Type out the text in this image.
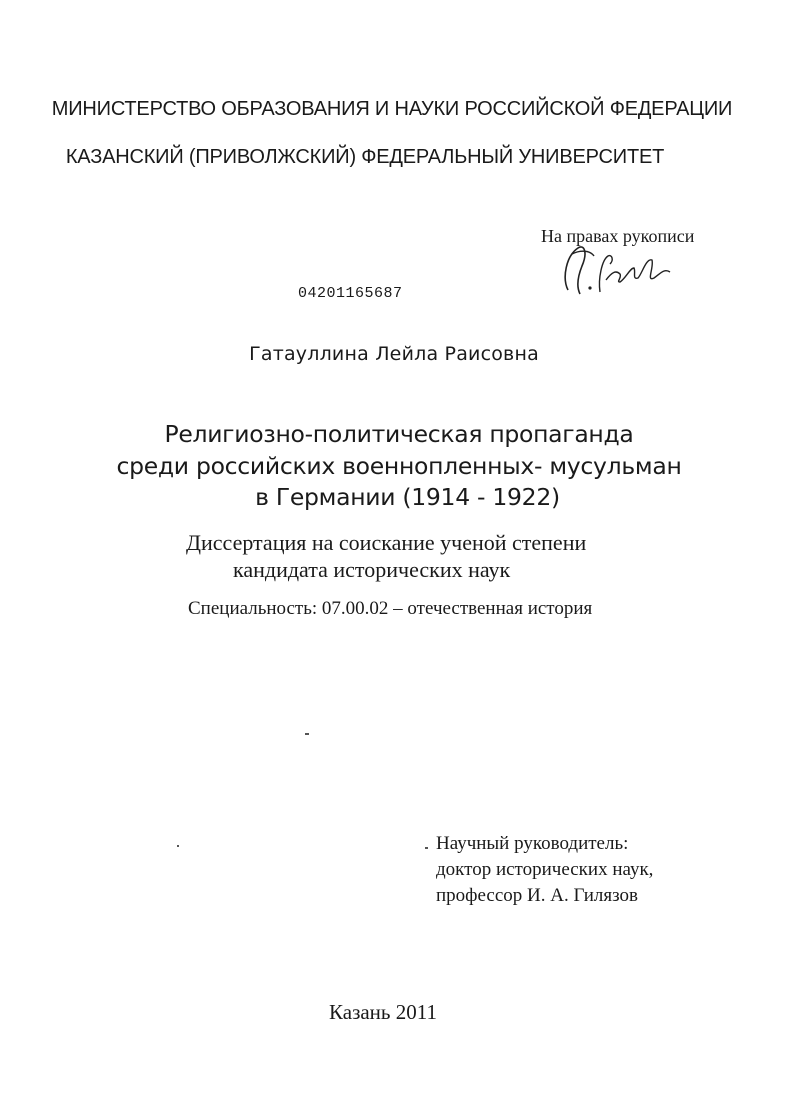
МИНИСТЕРСТВО ОБРАЗОВАНИЯ И НАУКИ РОССИЙСКОЙ ФЕДЕРАЦИИ
КАЗАНСКИЙ (ПРИВОЛЖСКИЙ) ФЕДЕРАЛЬНЫЙ УНИВЕРСИТЕТ
На правах рукописи
04201165687
Гатауллина Лейла Раисовна
Религиозно-политическая пропаганда
среди российских военнопленных- мусульман
в Германии (1914 - 1922)
Диссертация на соискание ученой степени
кандидата исторических наук
Специальность: 07.00.02 – отечественная история
Научный руководитель:
доктор исторических наук,
профессор И. А. Гилязов
Казань 2011
